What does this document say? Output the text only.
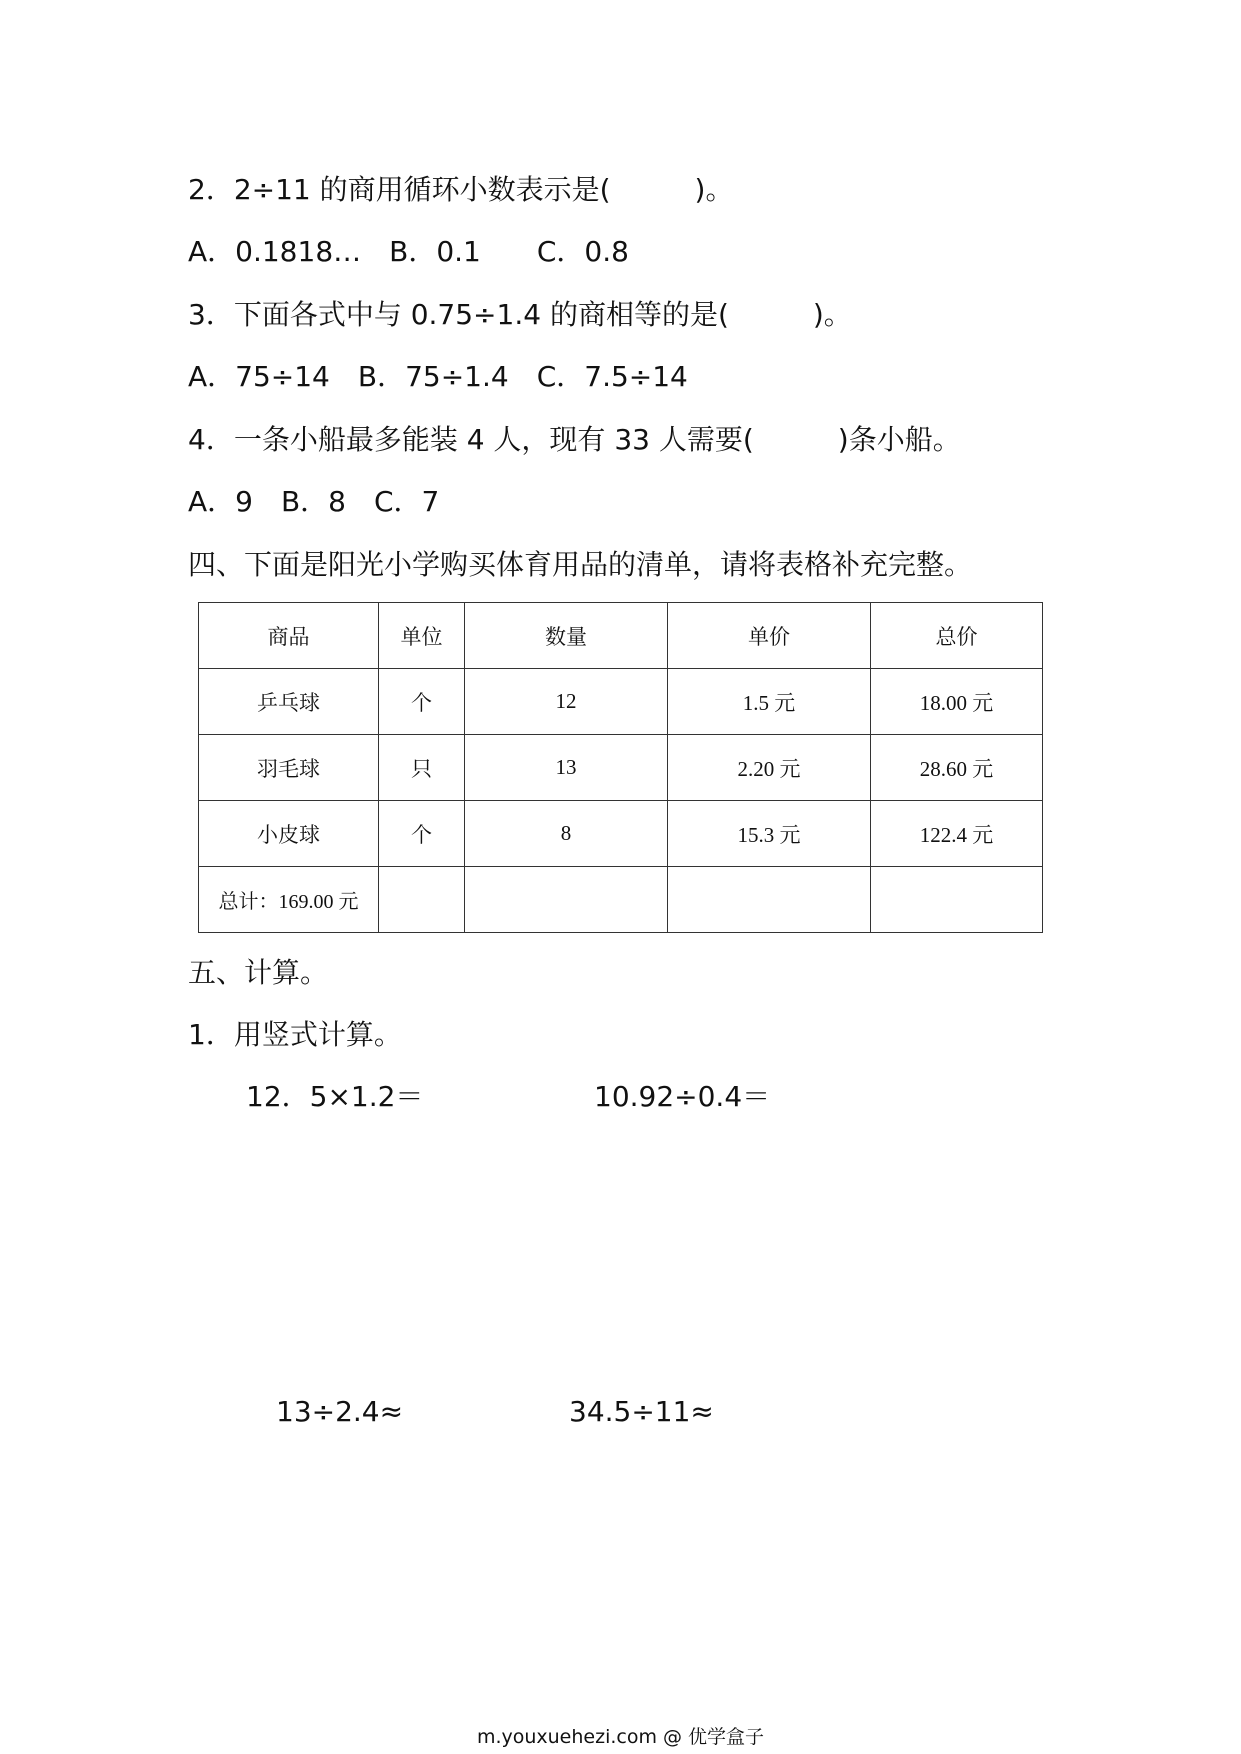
2．2÷11 的商用循环小数表示是(　　　)。
A．0.1818…　B．0.1　　C．0.8
3．下面各式中与 0.75÷1.4 的商相等的是(　　　)。
A．75÷14　B．75÷1.4　C．7.5÷14
4．一条小船最多能装 4 人，现有 33 人需要(　　　)条小船。
A．9　B．8　C．7
四、下面是阳光小学购买体育用品的清单，请将表格补充完整。
商品	单位	数量	单价	总价
乒乓球	个	12	1.5 元	18.00 元
羽毛球	只	13	2.20 元	28.60 元
小皮球	个	8	15.3 元	122.4 元
总计：169.00 元				
五、计算。
1．用竖式计算。
12．5×1.2＝	10.92÷0.4＝
13÷2.4≈	34.5÷11≈
m.youxuehezi.com @ 优学盒子
